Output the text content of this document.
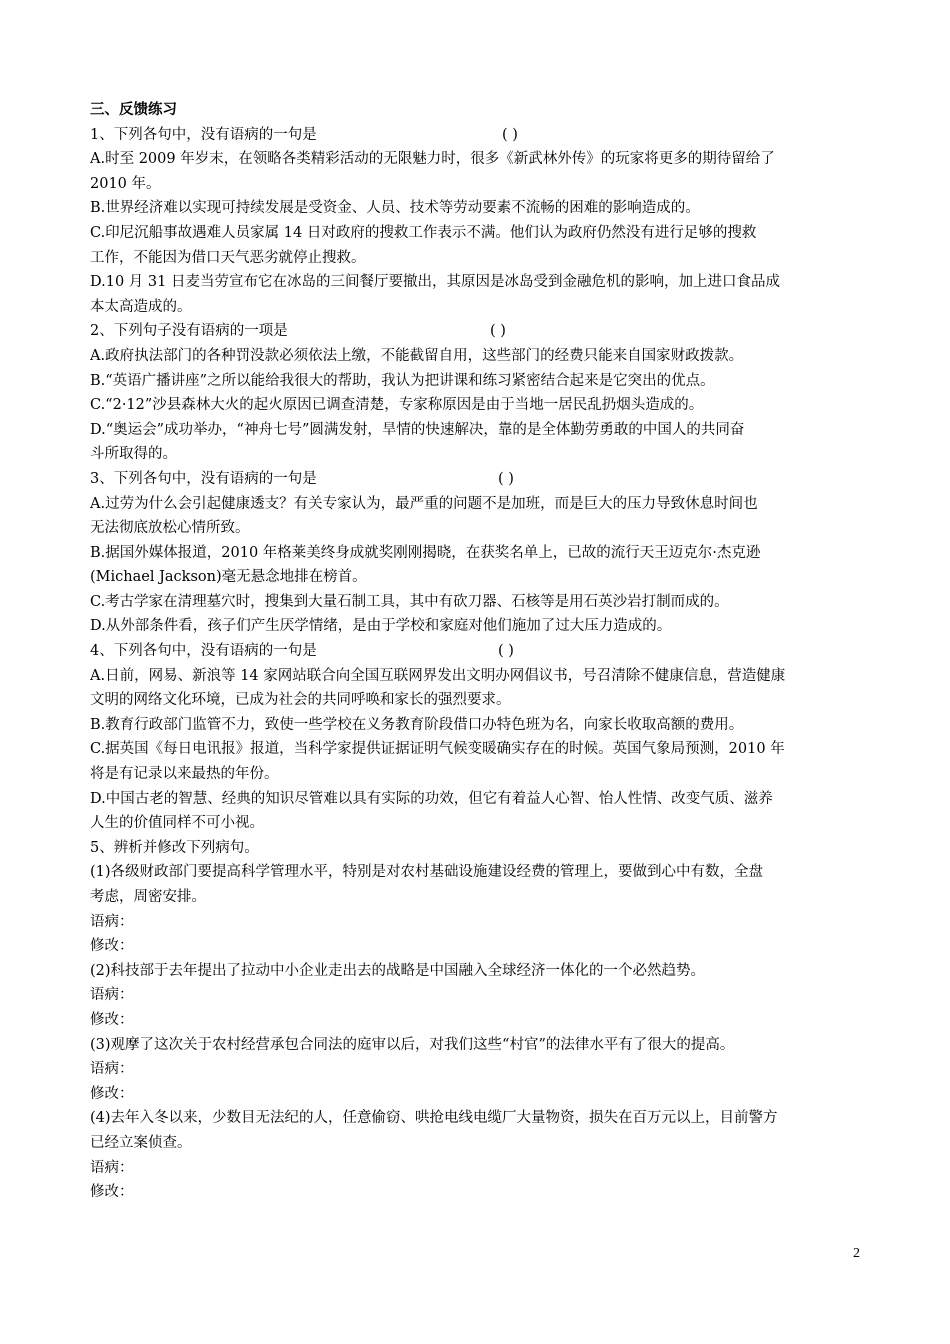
三、反馈练习
1、下列各句中，没有语病的一句是	( )
A.时至 2009 年岁末，在领略各类精彩活动的无限魅力时，很多《新武林外传》的玩家将更多的期待留给了
2010 年。
B.世界经济难以实现可持续发展是受资金、人员、技术等劳动要素不流畅的困难的影响造成的。
C.印尼沉船事故遇难人员家属 14 日对政府的搜救工作表示不满。他们认为政府仍然没有进行足够的搜救
工作，不能因为借口天气恶劣就停止搜救。
D.10 月 31 日麦当劳宣布它在冰岛的三间餐厅要撤出，其原因是冰岛受到金融危机的影响，加上进口食品成
本太高造成的。
2、下列句子没有语病的一项是	( )
A.政府执法部门的各种罚没款必须依法上缴，不能截留自用，这些部门的经费只能来自国家财政拨款。
B.“英语广播讲座”之所以能给我很大的帮助，我认为把讲课和练习紧密结合起来是它突出的优点。
C.“2·12”沙县森林大火的起火原因已调查清楚，专家称原因是由于当地一居民乱扔烟头造成的。
D.“奥运会”成功举办，“神舟七号”圆满发射，旱情的快速解决，靠的是全体勤劳勇敢的中国人的共同奋
斗所取得的。
3、下列各句中，没有语病的一句是	( )
A.过劳为什么会引起健康透支？有关专家认为，最严重的问题不是加班，而是巨大的压力导致休息时间也
无法彻底放松心情所致。
B.据国外媒体报道，2010 年格莱美终身成就奖刚刚揭晓，在获奖名单上，已故的流行天王迈克尔·杰克逊
(Michael Jackson)毫无悬念地排在榜首。
C.考古学家在清理墓穴时，搜集到大量石制工具，其中有砍刀器、石核等是用石英沙岩打制而成的。
D.从外部条件看，孩子们产生厌学情绪，是由于学校和家庭对他们施加了过大压力造成的。
4、下列各句中，没有语病的一句是	( )
A.日前，网易、新浪等 14 家网站联合向全国互联网界发出文明办网倡议书，号召清除不健康信息，营造健康
文明的网络文化环境，已成为社会的共同呼唤和家长的强烈要求。
B.教育行政部门监管不力，致使一些学校在义务教育阶段借口办特色班为名，向家长收取高额的费用。
C.据英国《每日电讯报》报道，当科学家提供证据证明气候变暖确实存在的时候。英国气象局预测，2010 年
将是有记录以来最热的年份。
D.中国古老的智慧、经典的知识尽管难以具有实际的功效，但它有着益人心智、怡人性情、改变气质、滋养
人生的价值同样不可小视。
5、辨析并修改下列病句。
(1)各级财政部门要提高科学管理水平，特别是对农村基础设施建设经费的管理上，要做到心中有数，全盘
考虑，周密安排。
语病：
修改：
(2)科技部于去年提出了拉动中小企业走出去的战略是中国融入全球经济一体化的一个必然趋势。
语病：
修改：
(3)观摩了这次关于农村经营承包合同法的庭审以后，对我们这些“村官”的法律水平有了很大的提高。
语病：
修改：
(4)去年入冬以来，少数目无法纪的人，任意偷窃、哄抢电线电缆厂大量物资，损失在百万元以上，目前警方
已经立案侦查。
语病：
修改：
2
